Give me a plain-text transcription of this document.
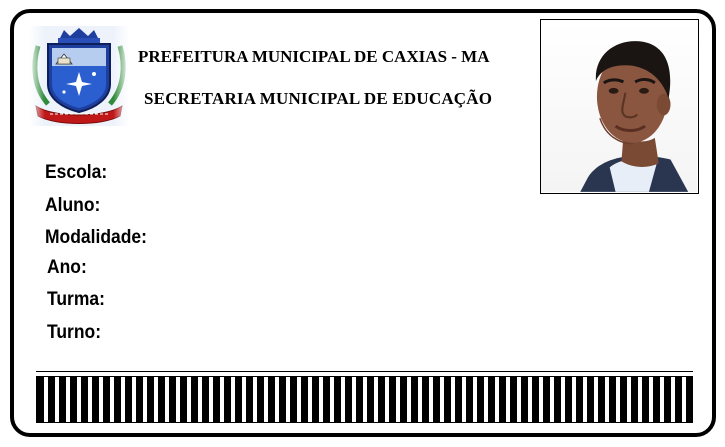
PREFEITURA MUNICIPAL DE CAXIAS - MA
SECRETARIA MUNICIPAL DE EDUCAÇÃO
Escola:
Aluno:
Modalidade:
Ano:
Turma:
Turno:
